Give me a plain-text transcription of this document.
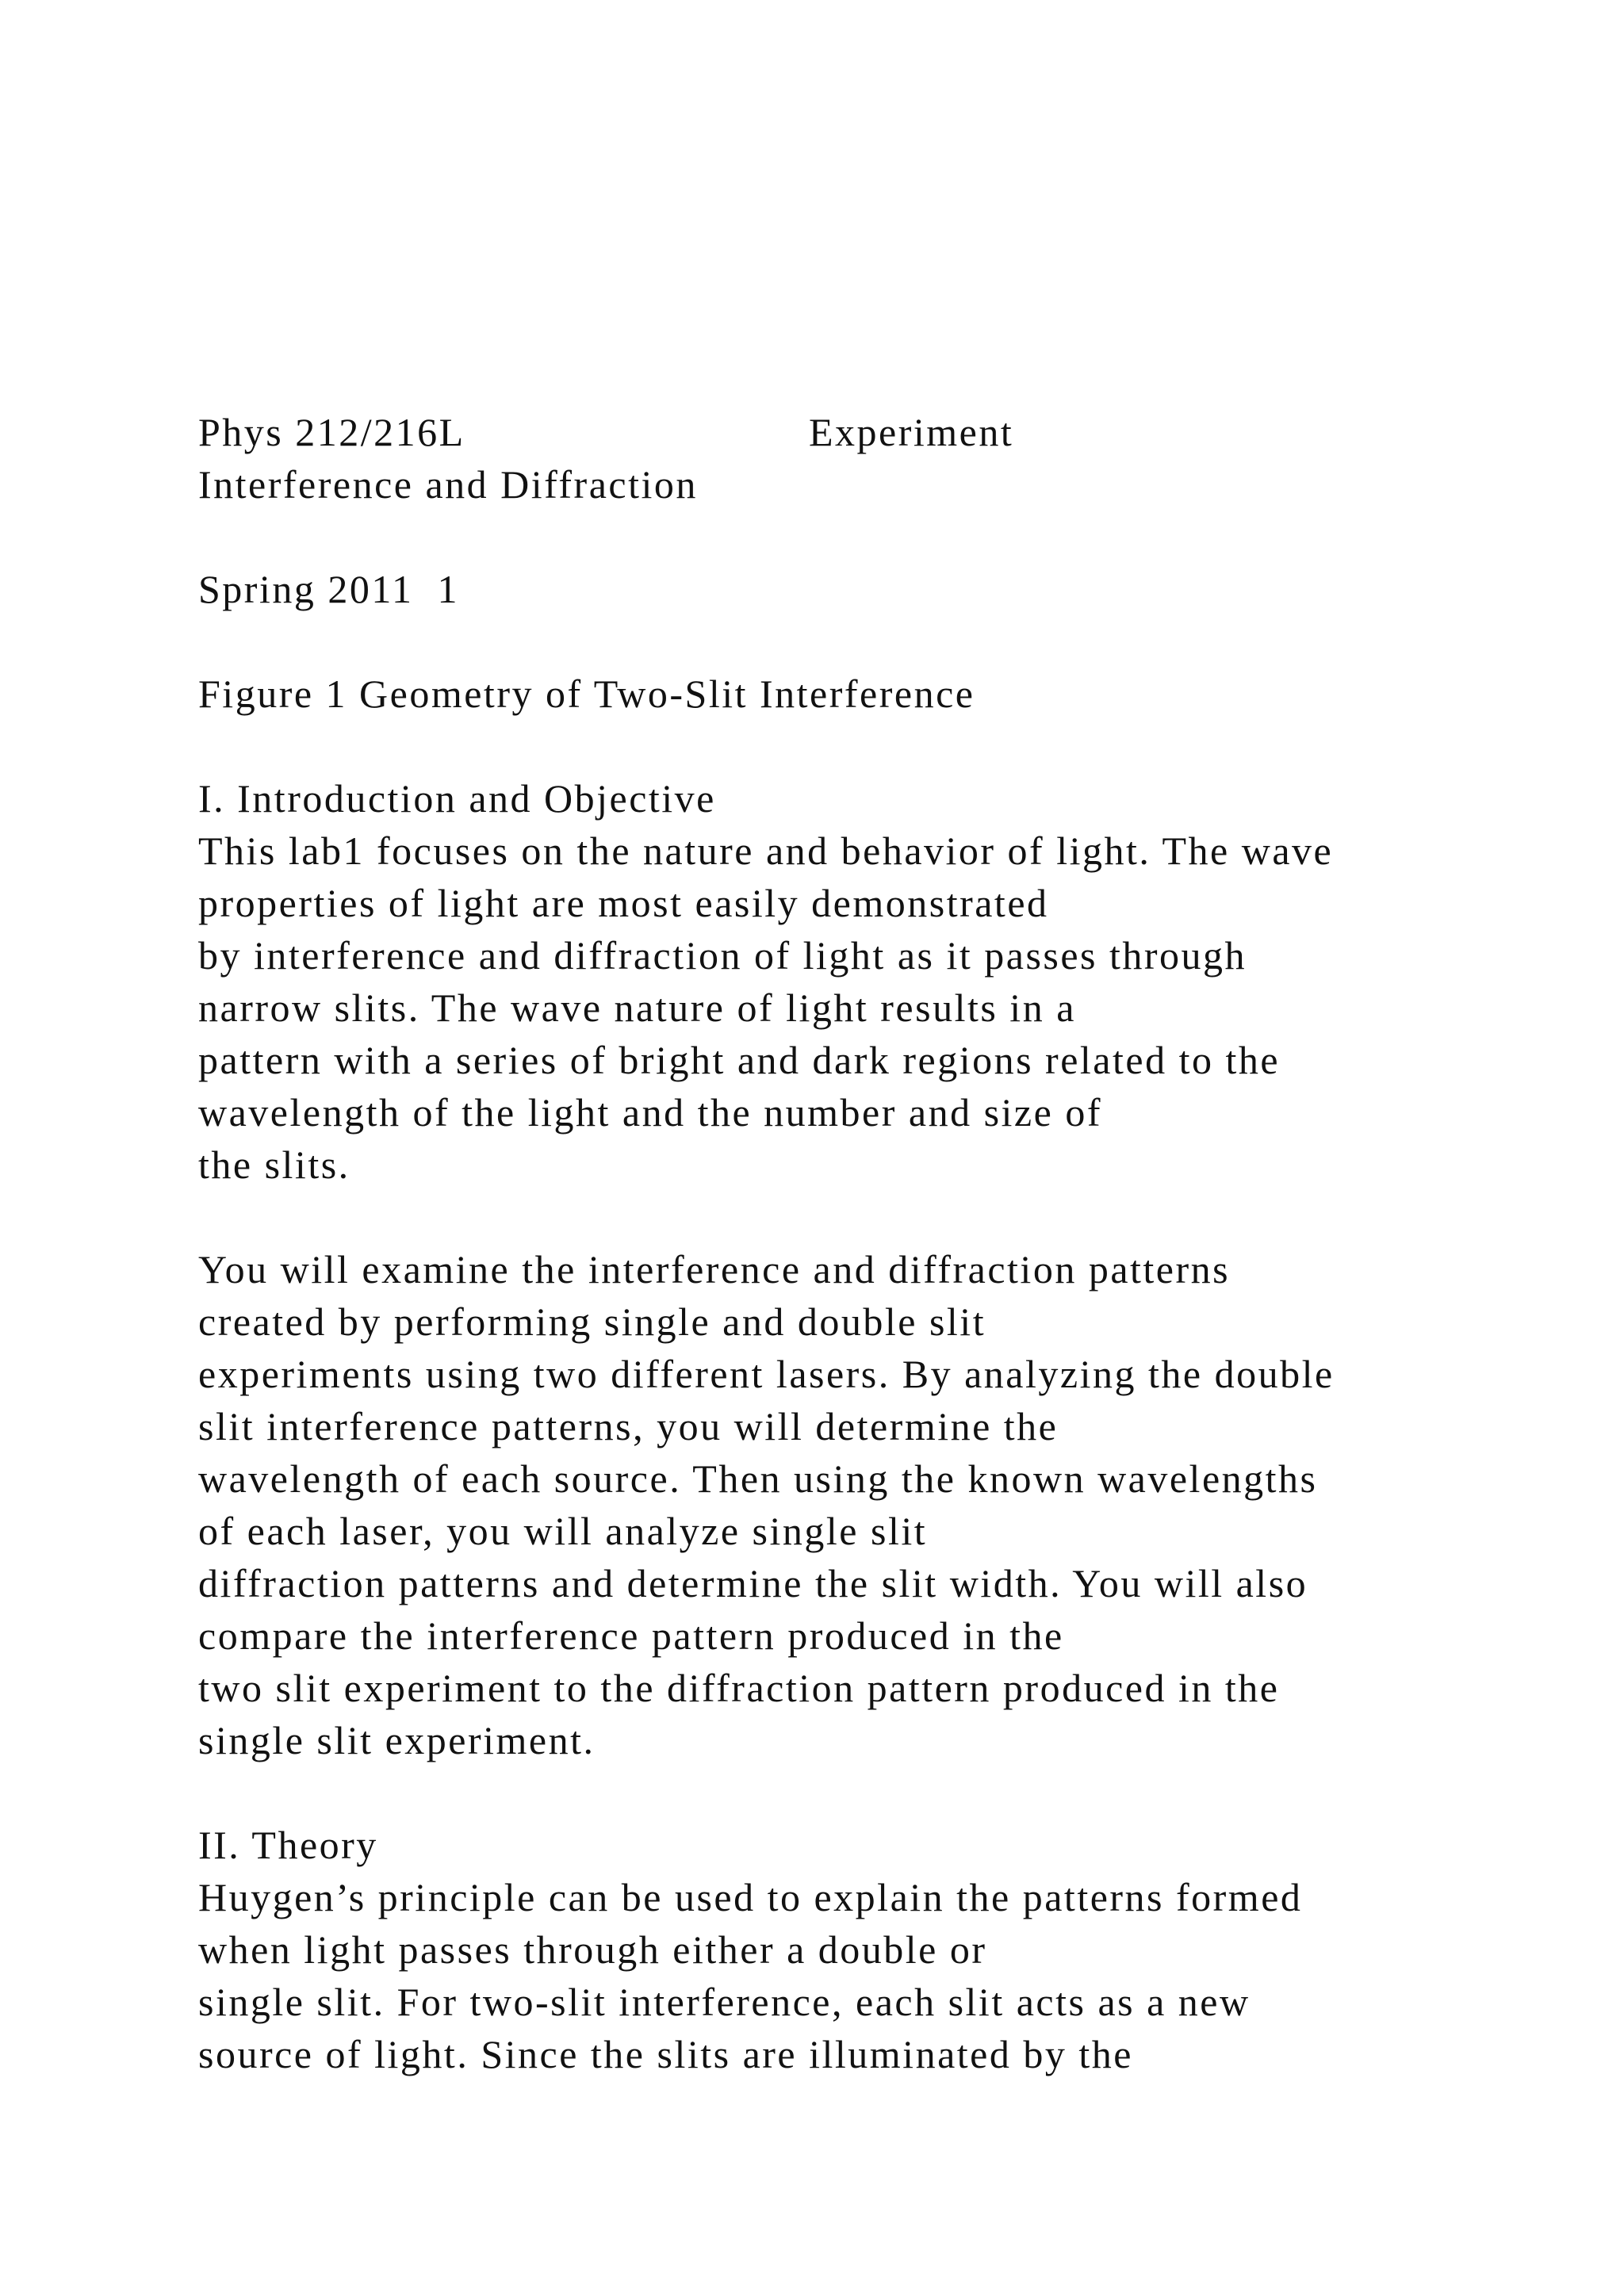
Phys 212/216L	Experiment

Interference and Diffraction

Spring 2011  1

Figure 1 Geometry of Two-Slit Interference

I. Introduction and Objective

This lab1 focuses on the nature and behavior of light. The wave

properties of light are most easily demonstrated

by interference and diffraction of light as it passes through

narrow slits. The wave nature of light results in a

pattern with a series of bright and dark regions related to the

wavelength of the light and the number and size of

the slits.

You will examine the interference and diffraction patterns

created by performing single and double slit

experiments using two different lasers. By analyzing the double

slit interference patterns, you will determine the

wavelength of each source. Then using the known wavelengths

of each laser, you will analyze single slit

diffraction patterns and determine the slit width. You will also

compare the interference pattern produced in the

two slit experiment to the diffraction pattern produced in the

single slit experiment.

II. Theory

Huygen’s principle can be used to explain the patterns formed

when light passes through either a double or

single slit. For two-slit interference, each slit acts as a new

source of light. Since the slits are illuminated by the
